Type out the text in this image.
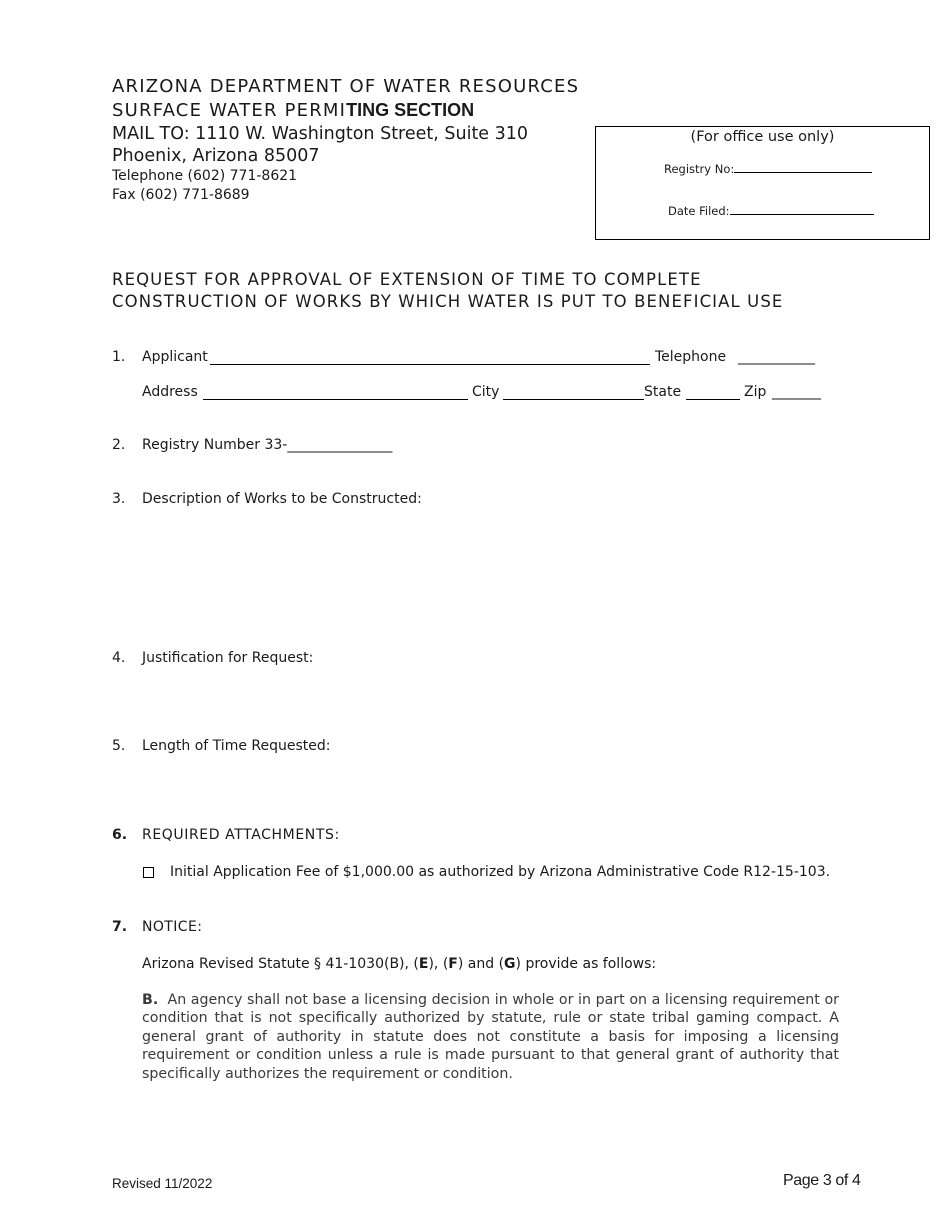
ARIZONA DEPARTMENT OF WATER RESOURCES
SURFACE WATER PERMITING SECTION
MAIL TO: 1110 W. Washington Street, Suite 310
Phoenix, Arizona 85007
Telephone (602) 771-8621
Fax (602) 771-8689
(For office use only)
Registry No:
Date Filed:
REQUEST FOR APPROVAL OF EXTENSION OF TIME TO COMPLETE
CONSTRUCTION OF WORKS BY WHICH WATER IS PUT TO BENEFICIAL USE
1. Applicant	Telephone ___________
Address	City	State	Zip _______
2. Registry Number 33-_______________
3. Description of Works to be Constructed:
4. Justification for Request:
5. Length of Time Requested:
6. REQUIRED ATTACHMENTS:
Initial Application Fee of $1,000.00 as authorized by Arizona Administrative Code R12-15-103.
7. NOTICE:
Arizona Revised Statute § 41-1030(B), (E), (F) and (G) provide as follows:
B. An agency shall not base a licensing decision in whole or in part on a licensing requirement or condition that is not specifically authorized by statute, rule or state tribal gaming compact. A general grant of authority in statute does not constitute a basis for imposing a licensing requirement or condition unless a rule is made pursuant to that general grant of authority that specifically authorizes the requirement or condition.
Revised 11/2022	Page 3 of 4
